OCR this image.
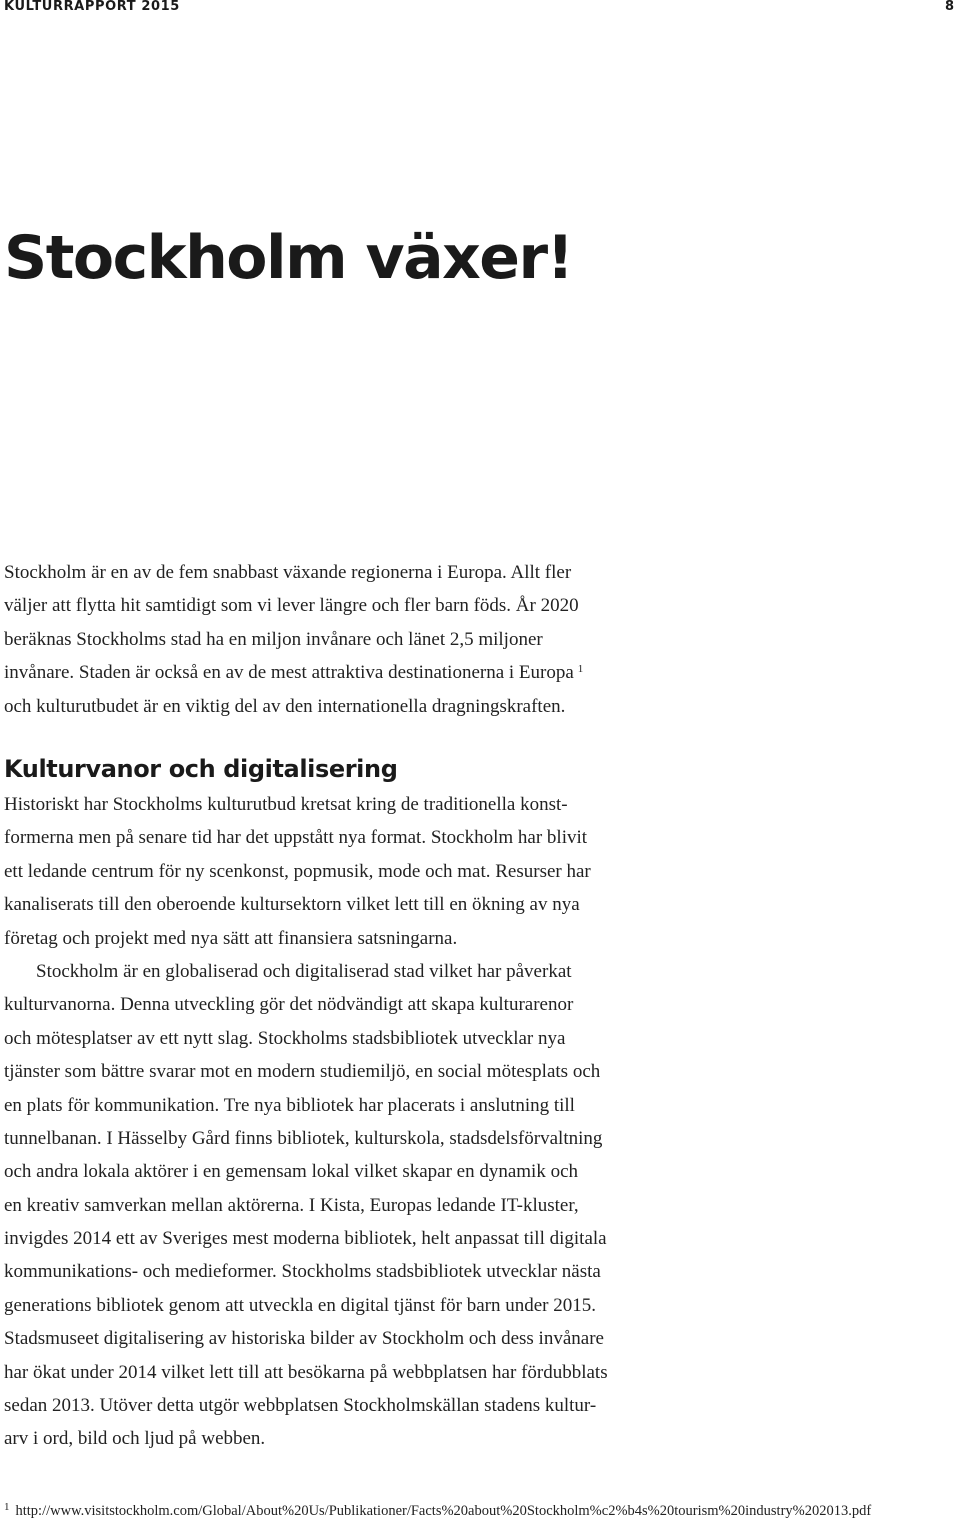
KULTURRAPPORT 2015	8
Stockholm växer!
Stockholm är en av de fem snabbast växande regionerna i Europa. Allt fler
väljer att flytta hit samtidigt som vi lever längre och fler barn föds. År 2020
beräknas Stockholms stad ha en miljon invånare och länet 2,5 miljoner
invånare. Staden är också en av de mest attraktiva destinationerna i Europa $^1$
och kulturutbudet är en viktig del av den internationella dragningskraften.
Kulturvanor och digitalisering
Historiskt har Stockholms kulturutbud kretsat kring de traditionella konst-
formerna men på senare tid har det uppstått nya format. Stockholm har blivit
ett ledande centrum för ny scenkonst, popmusik, mode och mat. Resurser har
kanaliserats till den oberoende kultursektorn vilket lett till en ökning av nya
företag och projekt med nya sätt att finansiera satsningarna.
Stockholm är en globaliserad och digitaliserad stad vilket har påverkat
kulturvanorna. Denna utveckling gör det nödvändigt att skapa kulturarenor
och mötesplatser av ett nytt slag. Stockholms stadsbibliotek utvecklar nya
tjänster som bättre svarar mot en modern studiemiljö, en social mötesplats och
en plats för kommunikation. Tre nya bibliotek har placerats i anslutning till
tunnelbanan. I Hässelby Gård finns bibliotek, kulturskola, stadsdelsförvaltning
och andra lokala aktörer i en gemensam lokal vilket skapar en dynamik och
en kreativ samverkan mellan aktörerna. I Kista, Europas ledande IT-kluster,
invigdes 2014 ett av Sveriges mest moderna bibliotek, helt anpassat till digitala
kommunikations- och medieformer. Stockholms stadsbibliotek utvecklar nästa
generations bibliotek genom att utveckla en digital tjänst för barn under 2015.
Stadsmuseet digitalisering av historiska bilder av Stockholm och dess invånare
har ökat under 2014 vilket lett till att besökarna på webbplatsen har fördubblats
sedan 2013. Utöver detta utgör webbplatsen Stockholmskällan stadens kultur-
arv i ord, bild och ljud på webben.
$^1$ http://www.visitstockholm.com/Global/About%20Us/Publikationer/Facts%20about%20Stockholm%c2%b4s%20tourism%20industry%202013.pdf
